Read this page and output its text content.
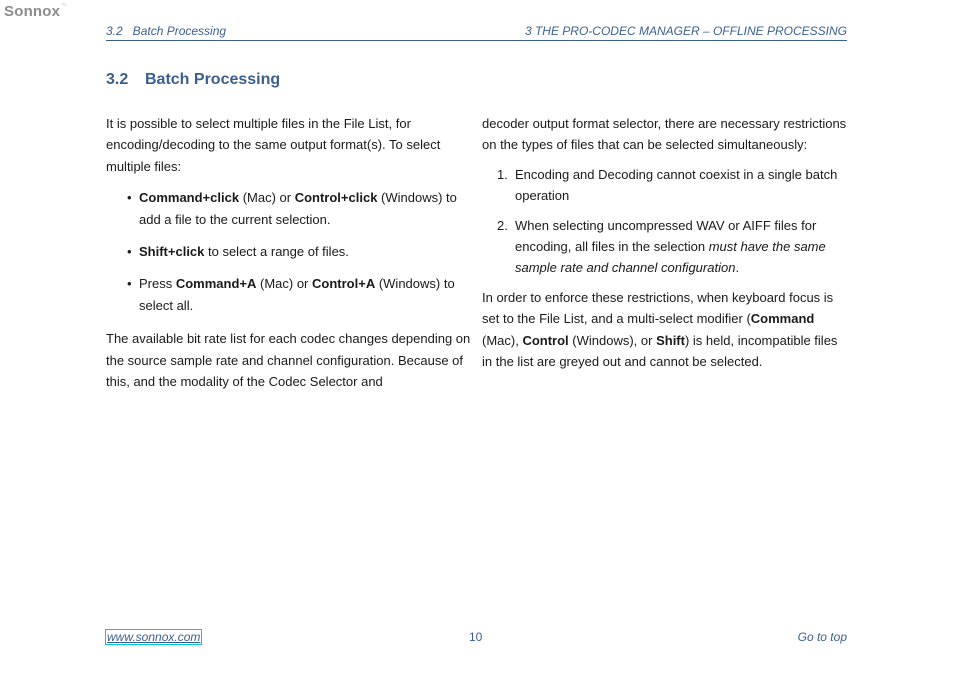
Sonnox™
3.2   Batch Processing	3 THE PRO-CODEC MANAGER – OFFLINE PROCESSING
3.2 Batch Processing

It is possible to select multiple files in the File List, for encoding/decoding to the same output format(s). To select multiple files:

• Command+click (Mac) or Control+click (Windows) to add a file to the current selection.
• Shift+click to select a range of files.
• Press Command+A (Mac) or Control+A (Windows) to select all.

The available bit rate list for each codec changes depending on the source sample rate and channel configuration. Because of this, and the modality of the Codec Selector and

decoder output format selector, there are necessary restrictions on the types of files that can be selected simultaneously:

1. Encoding and Decoding cannot coexist in a single batch operation
2. When selecting uncompressed WAV or AIFF files for encoding, all files in the selection must have the same sample rate and channel configuration.

In order to enforce these restrictions, when keyboard focus is set to the File List, and a multi-select modifier (Command (Mac), Control (Windows), or Shift) is held, incompatible files in the list are greyed out and cannot be selected.

www.sonnox.com	10	Go to top
